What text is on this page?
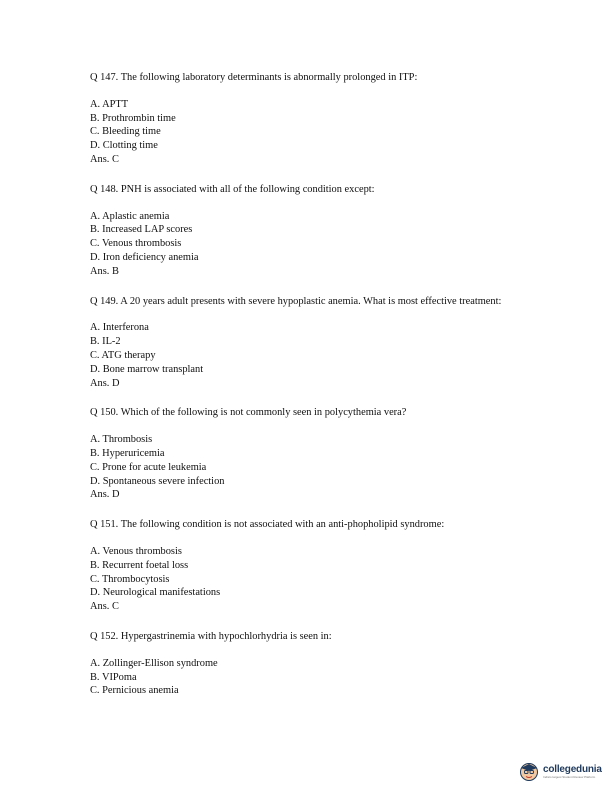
Q 147. The following laboratory determinants is abnormally prolonged in ITP:

A. APTT

B. Prothrombin time

C. Bleeding time

D. Clotting time

Ans. C

Q 148. PNH is associated with all of the following condition except:

A. Aplastic anemia

B. Increased LAP scores

C. Venous thrombosis

D. Iron deficiency anemia

Ans. B

Q 149. A 20 years adult presents with severe hypoplastic anemia. What is most effective treatment:

A. Interferona

B. IL-2

C. ATG therapy

D. Bone marrow transplant

Ans. D

Q 150. Which of the following is not commonly seen in polycythemia vera?

A. Thrombosis

B. Hyperuricemia

C. Prone for acute leukemia

D. Spontaneous severe infection

Ans. D

Q 151. The following condition is not associated with an anti-phopholipid syndrome:

A. Venous thrombosis

B. Recurrent foetal loss

C. Thrombocytosis

D. Neurological manifestations

Ans. C

Q 152. Hypergastrinemia with hypochlorhydria is seen in:

A. Zollinger-Ellison syndrome

B. VIPoma

C. Pernicious anemia

collegedunia
India's largest Student Review Platform
